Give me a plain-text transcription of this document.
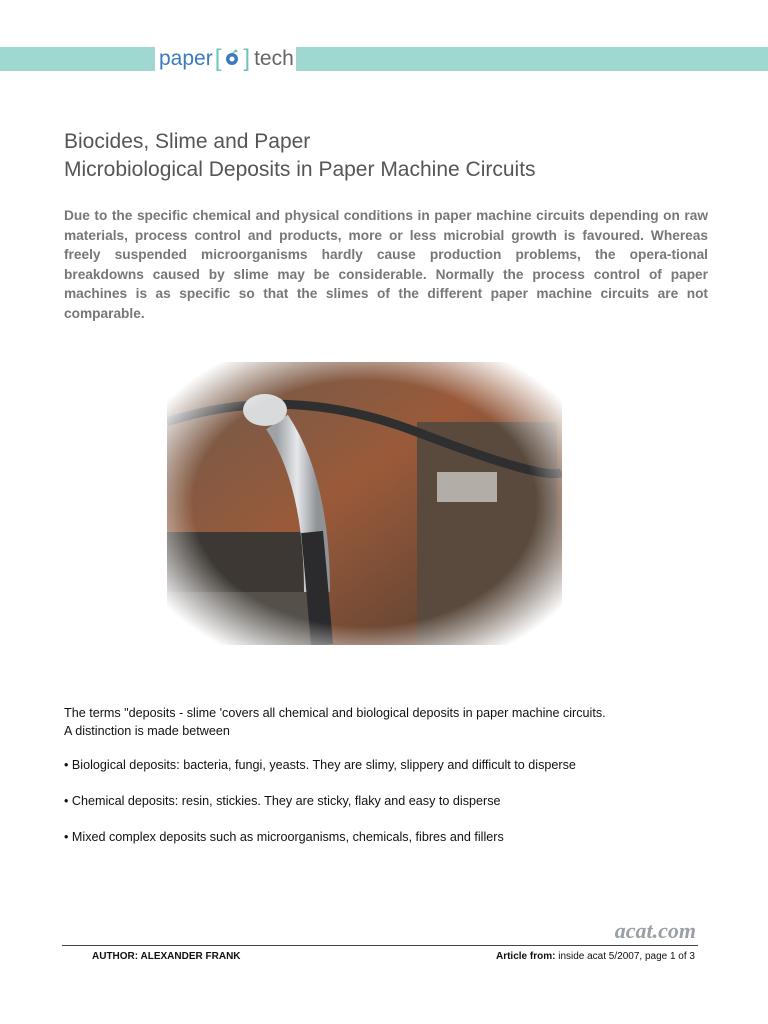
paper [ ] tech
Biocides, Slime and Paper
Microbiological Deposits in Paper Machine Circuits
Due to the specific chemical and physical conditions in paper machine circuits depending on raw materials, process control and products, more or less microbial growth is favoured. Whereas freely suspended microorganisms hardly cause production problems, the opera-tional breakdowns caused by slime may be considerable. Normally the process control of paper machines is as specific so that the slimes of the different paper machine circuits are not comparable.

The terms "deposits - slime 'covers all chemical and biological deposits in paper machine circuits.

A distinction is made between

• Biological deposits: bacteria, fungi, yeasts. They are slimy, slippery and difficult to disperse
• Chemical deposits: resin, stickies. They are sticky, flaky and easy to disperse
• Mixed complex deposits such as microorganisms, chemicals, fibres and fillers
acat.com
AUTHOR: ALEXANDER FRANK	Article from: inside acat 5/2007, page 1 of 3
